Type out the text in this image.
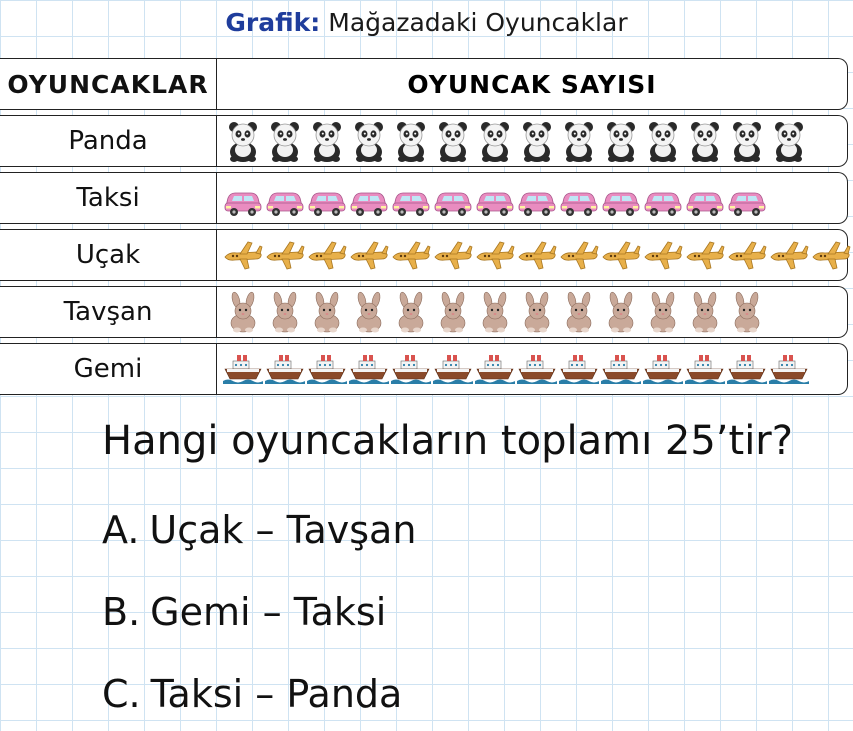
Grafik: Mağazadaki Oyuncaklar
OYUNCAKLAR	OYUNCAK SAYISI
Panda
Taksi
Uçak
Tavşan
Gemi
Hangi oyuncakların toplamı 25’tir?
A. Uçak – Tavşan
B. Gemi – Taksi
C. Taksi – Panda
